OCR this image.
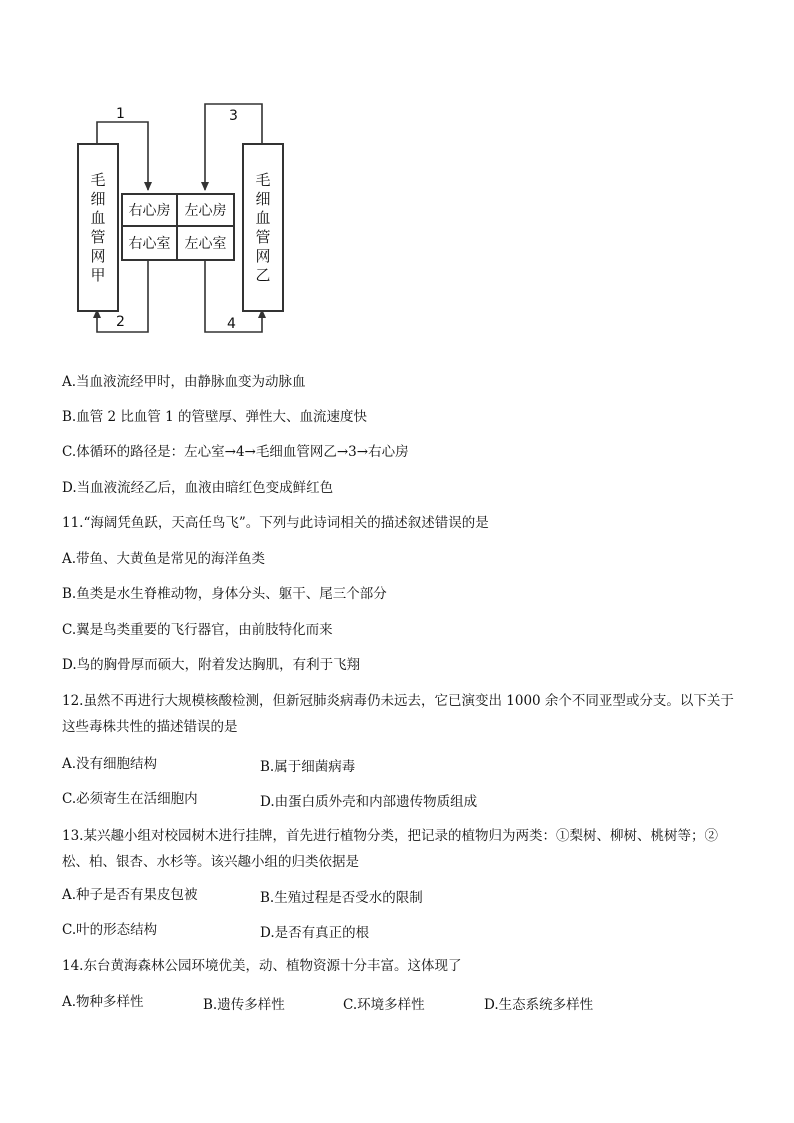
毛
细
血
管
网
甲
毛
细
血
管
网
乙
右心房	左心房
右心室	左心室
1	3
2	4
A.当血液流经甲时，由静脉血变为动脉血
B.血管 2 比血管 1 的管壁厚、弹性大、血流速度快
C.体循环的路径是：左心室→4→毛细血管网乙→3→右心房
D.当血液流经乙后，血液由暗红色变成鲜红色
11.“海阔凭鱼跃，天高任鸟飞”。下列与此诗词相关的描述叙述错误的是
A.带鱼、大黄鱼是常见的海洋鱼类
B.鱼类是水生脊椎动物，身体分头、躯干、尾三个部分
C.翼是鸟类重要的飞行器官，由前肢特化而来
D.鸟的胸骨厚而硕大，附着发达胸肌，有利于飞翔
12.虽然不再进行大规模核酸检测，但新冠肺炎病毒仍未远去，它已演变出 1000 余个不同亚型或分支。以下关于这些毒株共性的描述错误的是
A.没有细胞结构	B.属于细菌病毒
C.必须寄生在活细胞内	D.由蛋白质外壳和内部遗传物质组成
13.某兴趣小组对校园树木进行挂牌，首先进行植物分类，把记录的植物归为两类：①梨树、柳树、桃树等；②松、柏、银杏、水杉等。该兴趣小组的归类依据是
A.种子是否有果皮包被	B.生殖过程是否受水的限制
C.叶的形态结构	D.是否有真正的根
14.东台黄海森林公园环境优美，动、植物资源十分丰富。这体现了
A.物种多样性	B.遗传多样性	C.环境多样性	D.生态系统多样性
